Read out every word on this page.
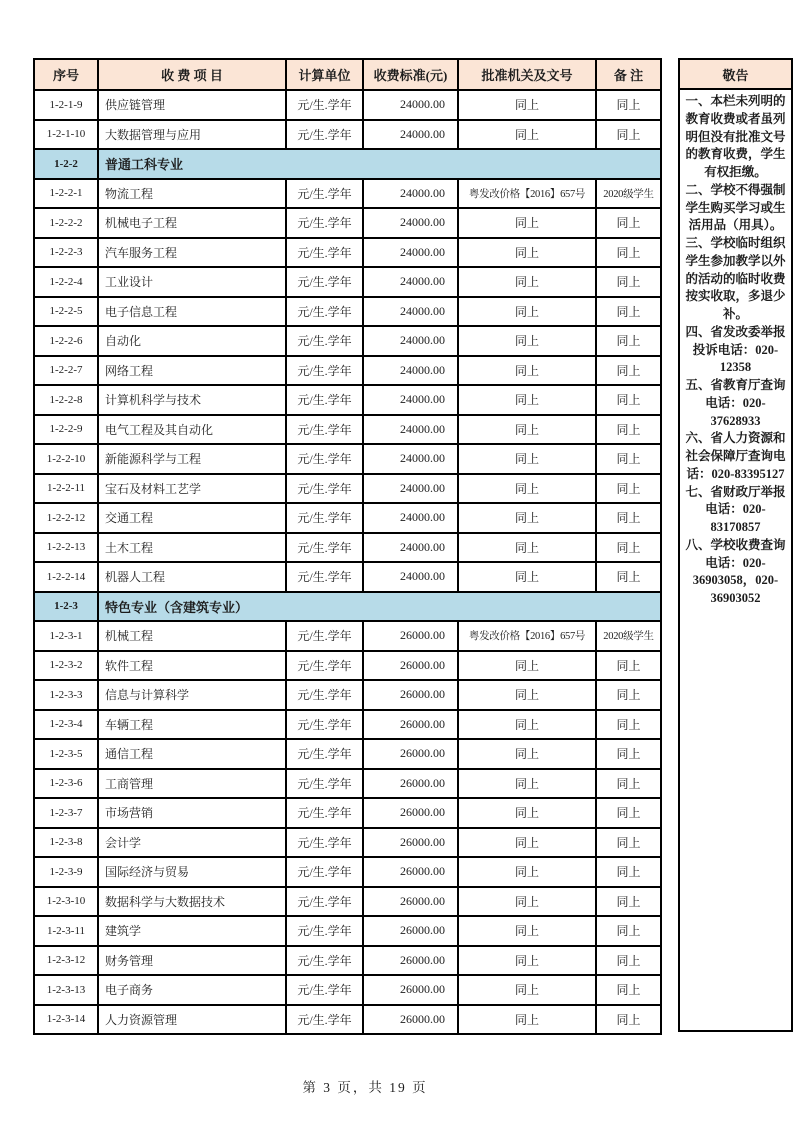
序号	收 费 项 目	计算单位	收费标准(元)	批准机关及文号	备 注
1-2-1-9	供应链管理	元/生.学年	24000.00	同上	同上
1-2-1-10	大数据管理与应用	元/生.学年	24000.00	同上	同上
1-2-2	普通工科专业				
1-2-2-1	物流工程	元/生.学年	24000.00	粤发改价格【2016】657号	2020级学生
1-2-2-2	机械电子工程	元/生.学年	24000.00	同上	同上
1-2-2-3	汽车服务工程	元/生.学年	24000.00	同上	同上
1-2-2-4	工业设计	元/生.学年	24000.00	同上	同上
1-2-2-5	电子信息工程	元/生.学年	24000.00	同上	同上
1-2-2-6	自动化	元/生.学年	24000.00	同上	同上
1-2-2-7	网络工程	元/生.学年	24000.00	同上	同上
1-2-2-8	计算机科学与技术	元/生.学年	24000.00	同上	同上
1-2-2-9	电气工程及其自动化	元/生.学年	24000.00	同上	同上
1-2-2-10	新能源科学与工程	元/生.学年	24000.00	同上	同上
1-2-2-11	宝石及材料工艺学	元/生.学年	24000.00	同上	同上
1-2-2-12	交通工程	元/生.学年	24000.00	同上	同上
1-2-2-13	土木工程	元/生.学年	24000.00	同上	同上
1-2-2-14	机器人工程	元/生.学年	24000.00	同上	同上
1-2-3	特色专业（含建筑专业）				
1-2-3-1	机械工程	元/生.学年	26000.00	粤发改价格【2016】657号	2020级学生
1-2-3-2	软件工程	元/生.学年	26000.00	同上	同上
1-2-3-3	信息与计算科学	元/生.学年	26000.00	同上	同上
1-2-3-4	车辆工程	元/生.学年	26000.00	同上	同上
1-2-3-5	通信工程	元/生.学年	26000.00	同上	同上
1-2-3-6	工商管理	元/生.学年	26000.00	同上	同上
1-2-3-7	市场营销	元/生.学年	26000.00	同上	同上
1-2-3-8	会计学	元/生.学年	26000.00	同上	同上
1-2-3-9	国际经济与贸易	元/生.学年	26000.00	同上	同上
1-2-3-10	数据科学与大数据技术	元/生.学年	26000.00	同上	同上
1-2-3-11	建筑学	元/生.学年	26000.00	同上	同上
1-2-3-12	财务管理	元/生.学年	26000.00	同上	同上
1-2-3-13	电子商务	元/生.学年	26000.00	同上	同上
1-2-3-14	人力资源管理	元/生.学年	26000.00	同上	同上
敬告

一、本栏未列明的教育收费或者虽列明但没有批准文号的教育收费，学生有权拒缴。

二、学校不得强制学生购买学习或生活用品（用具）。

三、学校临时组织学生参加教学以外的活动的临时收费按实收取，多退少补。

四、省发改委举报投诉电话：020-12358

五、省教育厅查询电话：020-37628933

六、省人力资源和社会保障厅查询电话：020-83395127

七、省财政厅举报电话：020-83170857

八、学校收费查询电话：020-36903058，020-36903052

第 3 页，共 19 页
